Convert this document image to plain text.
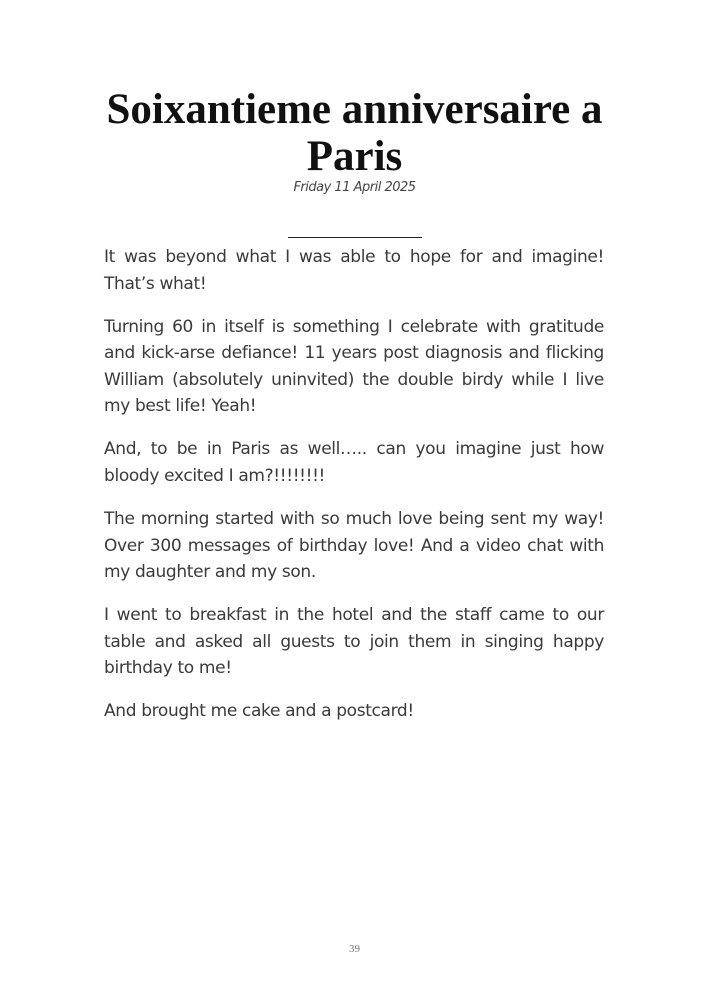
Soixantieme anniversaire a Paris
Friday 11 April 2025

It was beyond what I was able to hope for and imagine! That’s what!

Turning 60 in itself is something I celebrate with gratitude and kick-arse defiance! 11 years post diagnosis and flicking William (absolutely uninvited) the double birdy while I live my best life! Yeah!

And, to be in Paris as well….. can you imagine just how bloody excited I am?!!!!!!!!

The morning started with so much love being sent my way! Over 300 messages of birthday love! And a video chat with my daughter and my son.

I went to breakfast in the hotel and the staff came to our table and asked all guests to join them in singing happy birthday to me!

And brought me cake and a postcard!

39
